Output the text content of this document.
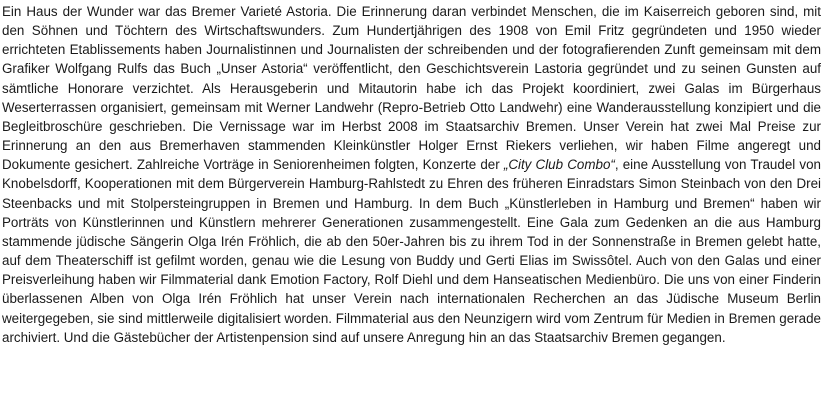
Ein Haus der Wunder war das Bremer Varieté Astoria. Die Erinnerung daran verbindet Menschen, die im Kaiserreich geboren sind, mit den Söhnen und Töchtern des Wirtschaftswunders. Zum Hundertjährigen des 1908 von Emil Fritz gegründeten und 1950 wieder errichteten Etablissements haben Journalistinnen und Journalisten der schreibenden und der fotografierenden Zunft gemeinsam mit dem Grafiker Wolfgang Rulfs das Buch „Unser Astoria“ veröffentlicht, den Geschichtsverein Lastoria gegründet und zu seinen Gunsten auf sämtliche Honorare verzichtet. Als Herausgeberin und Mitautorin habe ich das Projekt koordiniert, zwei Galas im Bürgerhaus Weserterrassen organisiert, gemeinsam mit Werner Landwehr (Repro-Betrieb Otto Landwehr) eine Wanderausstellung konzipiert und die Begleitbroschüre geschrieben. Die Vernissage war im Herbst 2008 im Staatsarchiv Bremen. Unser Verein hat zwei Mal Preise zur Erinnerung an den aus Bremerhaven stammenden Kleinkünstler Holger Ernst Riekers verliehen, wir haben Filme angeregt und Dokumente gesichert. Zahlreiche Vorträge in Seniorenheimen folgten, Konzerte der „City Club Combo“, eine Ausstellung von Traudel von Knobelsdorff, Kooperationen mit dem Bürgerverein Hamburg-Rahlstedt zu Ehren des früheren Einradstars Simon Steinbach von den Drei Steenbacks und mit Stolpersteingruppen in Bremen und Hamburg. In dem Buch „Künstlerleben in Hamburg und Bremen“ haben wir Porträts von Künstlerinnen und Künstlern mehrerer Generationen zusammengestellt. Eine Gala zum Gedenken an die aus Hamburg stammende jüdische Sängerin Olga Irén Fröhlich, die ab den 50er-Jahren bis zu ihrem Tod in der Sonnenstraße in Bremen gelebt hatte, auf dem Theaterschiff ist gefilmt worden, genau wie die Lesung von Buddy und Gerti Elias im Swissôtel. Auch von den Galas und einer Preisverleihung haben wir Filmmaterial dank Emotion Factory, Rolf Diehl und dem Hanseatischen Medienbüro. Die uns von einer Finderin überlassenen Alben von Olga Irén Fröhlich hat unser Verein nach internationalen Recherchen an das Jüdische Museum Berlin weitergegeben, sie sind mittlerweile digitalisiert worden. Filmmaterial aus den Neunzigern wird vom Zentrum für Medien in Bremen gerade archiviert. Und die Gästebücher der Artistenpension sind auf unsere Anregung hin an das Staatsarchiv Bremen gegangen.
